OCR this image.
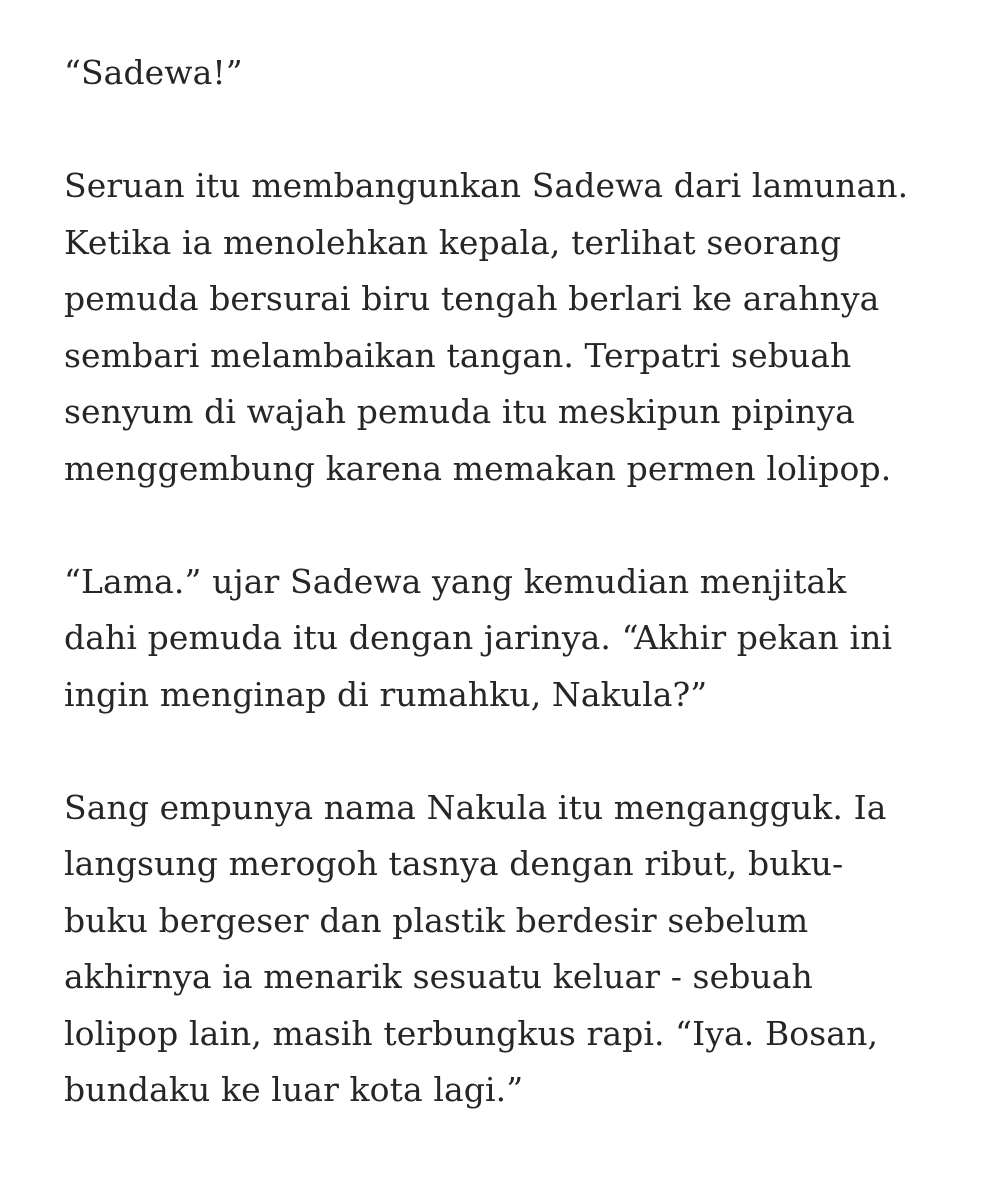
“Sadewa!”

Seruan itu membangunkan Sadewa dari lamunan.
Ketika ia menolehkan kepala, terlihat seorang
pemuda bersurai biru tengah berlari ke arahnya
sembari melambaikan tangan. Terpatri sebuah
senyum di wajah pemuda itu meskipun pipinya
menggembung karena memakan permen lolipop.

“Lama.” ujar Sadewa yang kemudian menjitak
dahi pemuda itu dengan jarinya. “Akhir pekan ini
ingin menginap di rumahku, Nakula?”

Sang empunya nama Nakula itu mengangguk. Ia
langsung merogoh tasnya dengan ribut, buku-
buku bergeser dan plastik berdesir sebelum
akhirnya ia menarik sesuatu keluar - sebuah
lolipop lain, masih terbungkus rapi. “Iya. Bosan,
bundaku ke luar kota lagi.”
